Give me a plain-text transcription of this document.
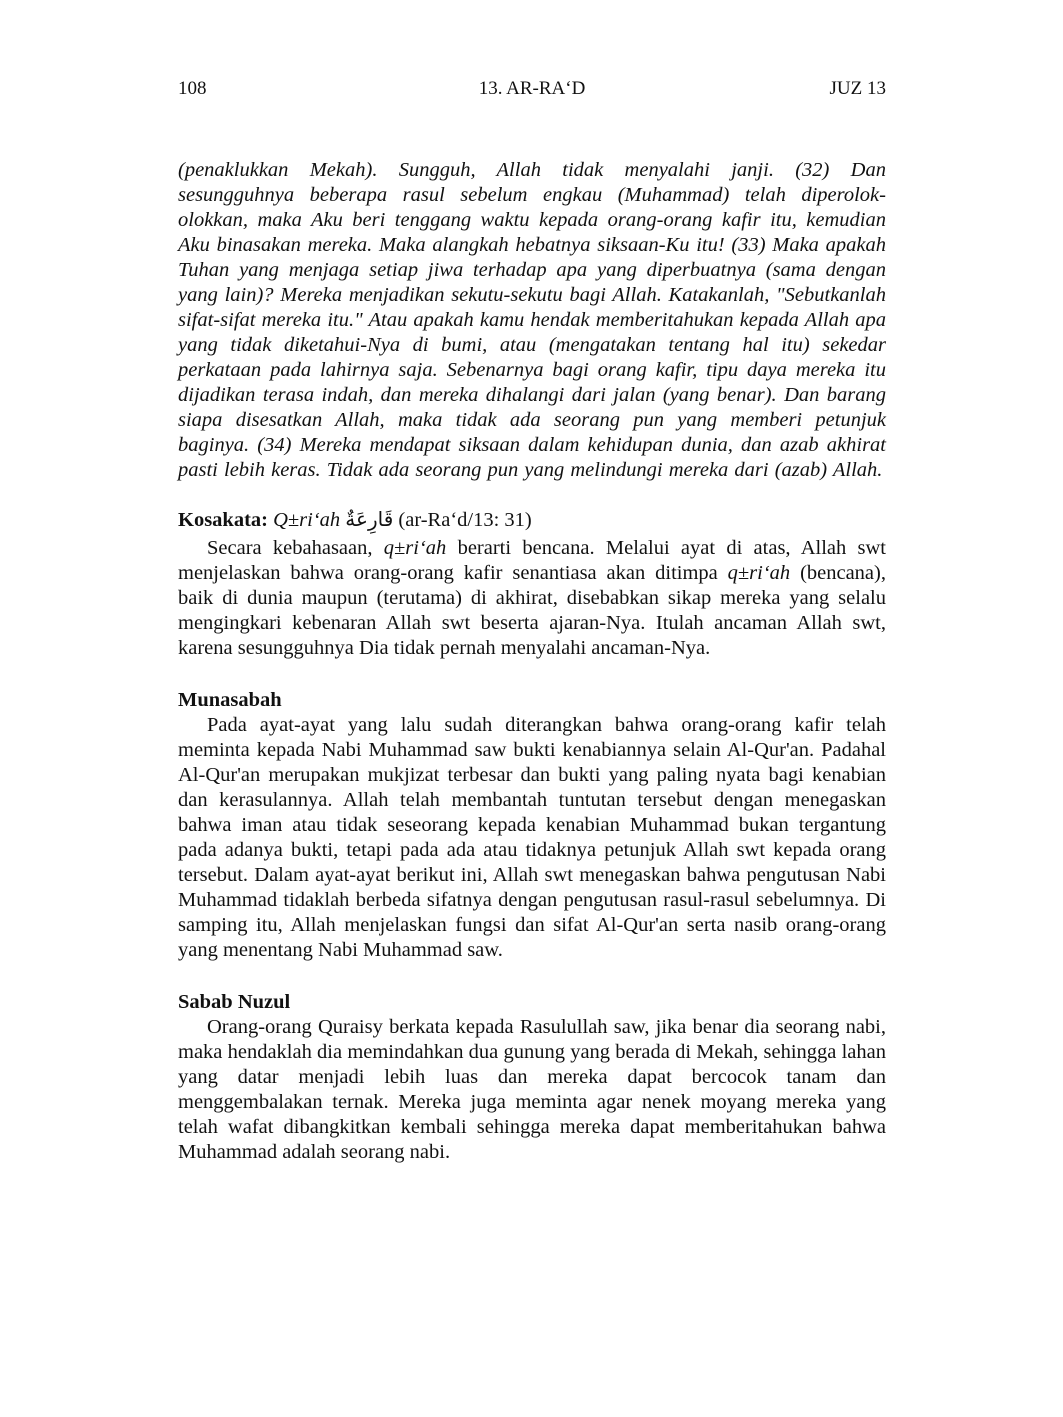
108	13. AR-RA‘D	JUZ 13

(penaklukkan Mekah). Sungguh, Allah tidak menyalahi janji. (32) Dan sesungguhnya beberapa rasul sebelum engkau (Muhammad) telah diperolok-olokkan, maka Aku beri tenggang waktu kepada orang-orang kafir itu, kemudian Aku binasakan mereka. Maka alangkah hebatnya siksaan-Ku itu! (33) Maka apakah Tuhan yang menjaga setiap jiwa terhadap apa yang diperbuatnya (sama dengan yang lain)? Mereka menjadikan sekutu-sekutu bagi Allah. Katakanlah, "Sebutkanlah sifat-sifat mereka itu." Atau apakah kamu hendak memberitahukan kepada Allah apa yang tidak diketahui-Nya di bumi, atau (mengatakan tentang hal itu) sekedar perkataan pada lahirnya saja. Sebenarnya bagi orang kafir, tipu daya mereka itu dijadikan terasa indah, dan mereka dihalangi dari jalan (yang benar). Dan barang siapa disesatkan Allah, maka tidak ada seorang pun yang memberi petunjuk baginya. (34) Mereka mendapat siksaan dalam kehidupan dunia, dan azab akhirat pasti lebih keras. Tidak ada seorang pun yang melindungi mereka dari (azab) Allah.

Kosakata: Q±ri‘ah قَارِعَةٌ (ar-Ra‘d/13: 31)

Secara kebahasaan, q±ri‘ah berarti bencana. Melalui ayat di atas, Allah swt menjelaskan bahwa orang-orang kafir senantiasa akan ditimpa q±ri‘ah (bencana), baik di dunia maupun (terutama) di akhirat, disebabkan sikap mereka yang selalu mengingkari kebenaran Allah swt beserta ajaran-Nya. Itulah ancaman Allah swt, karena sesungguhnya Dia tidak pernah menyalahi ancaman-Nya.

Munasabah

Pada ayat-ayat yang lalu sudah diterangkan bahwa orang-orang kafir telah meminta kepada Nabi Muhammad saw bukti kenabiannya selain Al-Qur'an. Padahal Al-Qur'an merupakan mukjizat terbesar dan bukti yang paling nyata bagi kenabian dan kerasulannya. Allah telah membantah tuntutan tersebut dengan menegaskan bahwa iman atau tidak seseorang kepada kenabian Muhammad bukan tergantung pada adanya bukti, tetapi pada ada atau tidaknya petunjuk Allah swt kepada orang tersebut. Dalam ayat-ayat berikut ini, Allah swt menegaskan bahwa pengutusan Nabi Muhammad tidaklah berbeda sifatnya dengan pengutusan rasul-rasul sebelumnya. Di samping itu, Allah menjelaskan fungsi dan sifat Al-Qur'an serta nasib orang-orang yang menentang Nabi Muhammad saw.

Sabab Nuzul

Orang-orang Quraisy berkata kepada Rasulullah saw, jika benar dia seorang nabi, maka hendaklah dia memindahkan dua gunung yang berada di Mekah, sehingga lahan yang datar menjadi lebih luas dan mereka dapat bercocok tanam dan menggembalakan ternak. Mereka juga meminta agar nenek moyang mereka yang telah wafat dibangkitkan kembali sehingga mereka dapat memberitahukan bahwa Muhammad adalah seorang nabi.
